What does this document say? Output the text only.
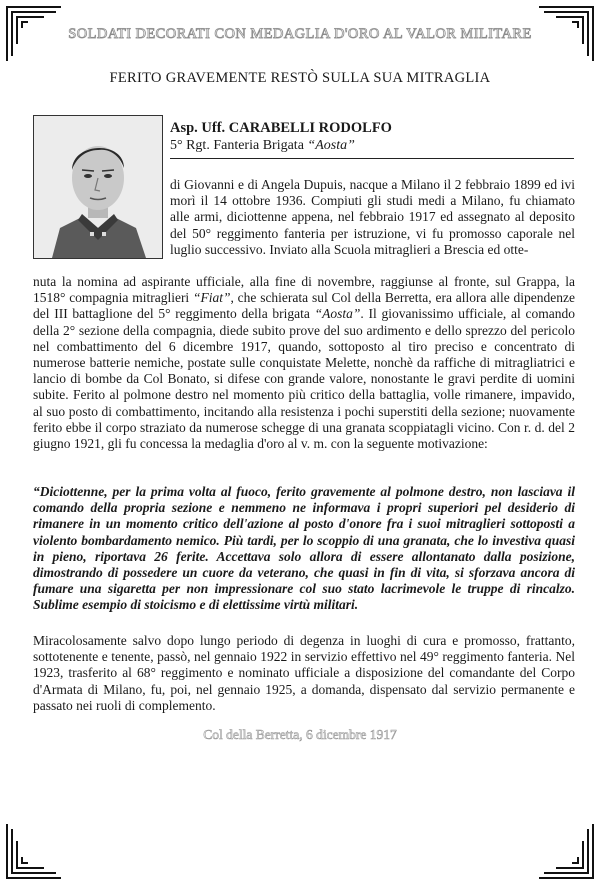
SOLDATI DECORATI CON MEDAGLIA D'ORO AL VALOR MILITARE
FERITO GRAVEMENTE RESTÒ SULLA SUA MITRAGLIA
Asp. Uff. CARABELLI RODOLFO
5° Rgt. Fanteria Brigata “Aosta”
di Giovanni e di Angela Dupuis, nacque a Milano il 2 febbraio 1899 ed ivi morì il 14 ottobre 1936. Compiuti gli studi medi a Milano, fu chiamato alle armi, diciottenne appena, nel febbraio 1917 ed assegnato al deposito del 50° reggimento fanteria per istruzione, vi fu promosso caporale nel luglio successivo. Inviato alla Scuola mitraglieri a Brescia ed otte-
nuta la nomina ad aspirante ufficiale, alla fine di novembre, raggiunse al fronte, sul Grappa, la 1518° compagnia mitraglieri “Fiat”, che schierata sul Col della Berretta, era allora alle dipendenze del III battaglione del 5° reggimento della brigata “Aosta”. Il giovanissimo ufficiale, al comando della 2° sezione della compagnia, diede subito prove del suo ardimento e dello sprezzo del pericolo nel combattimento del 6 dicembre 1917, quando, sottoposto al tiro preciso e concentrato di numerose batterie nemiche, postate sulle conquistate Melette, nonchè da raffiche di mitragliatrici e lancio di bombe da Col Bonato, si difese con grande valore, nonostante le gravi perdite di uomini subite. Ferito al polmone destro nel momento più critico della battaglia, volle rimanere, impavido, al suo posto di combattimento, incitando alla resistenza i pochi superstiti della sezione; nuovamente ferito ebbe il corpo straziato da numerose schegge di una granata scoppiatagli vicino. Con r. d. del 2 giugno 1921, gli fu concessa la medaglia d'oro al v. m. con la seguente motivazione:
“Diciottenne, per la prima volta al fuoco, ferito gravemente al polmone destro, non lasciava il comando della propria sezione e nemmeno ne informava i propri superiori pel desiderio di rimanere in un momento critico dell'azione al posto d'onore fra i suoi mitraglieri sottoposti a violento bombardamento nemico. Più tardi, per lo scoppio di una granata, che lo investiva quasi in pieno, riportava 26 ferite. Accettava solo allora di essere allontanato dalla posizione, dimostrando di possedere un cuore da veterano, che quasi in fin di vita, si sforzava ancora di fumare una sigaretta per non impressionare col suo stato lacrimevole le truppe di rincalzo. Sublime esempio di stoicismo e di elettissime virtù militari.
Miracolosamente salvo dopo lungo periodo di degenza in luoghi di cura e promosso, frattanto, sottotenente e tenente, passò, nel gennaio 1922 in servizio effettivo nel 49° reggimento fanteria. Nel 1923, trasferito al 68° reggimento e nominato ufficiale a disposizione del comandante del Corpo d'Armata di Milano, fu, poi, nel gennaio 1925, a domanda, dispensato dal servizio permanente e passato nei ruoli di complemento.
Col della Berretta, 6 dicembre 1917
